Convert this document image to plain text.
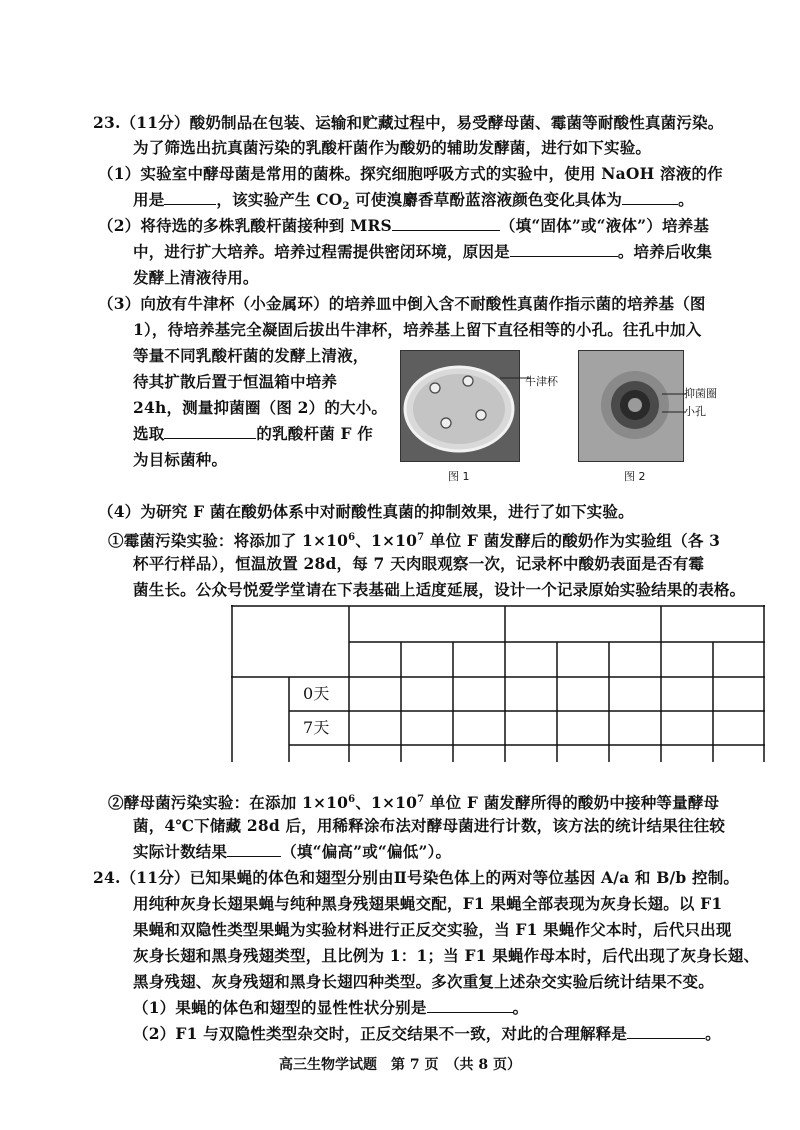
23.（11分）酸奶制品在包装、运输和贮藏过程中，易受酵母菌、霉菌等耐酸性真菌污染。
为了筛选出抗真菌污染的乳酸杆菌作为酸奶的辅助发酵菌，进行如下实验。
（1）实验室中酵母菌是常用的菌株。探究细胞呼吸方式的实验中，使用 NaOH 溶液的作
用是	，该实验产生 $CO_2$ 可使溴麝香草酚蓝溶液颜色变化具体为	。
（2）将待选的多株乳酸杆菌接种到 MRS	（填“固体”或“液体”）培养基
中，进行扩大培养。培养过程需提供密闭环境，原因是	。培养后收集
发酵上清液待用。
（3）向放有牛津杯（小金属环）的培养皿中倒入含不耐酸性真菌作指示菌的培养基（图
1），待培养基完全凝固后拔出牛津杯，培养基上留下直径相等的小孔。往孔中加入
等量不同乳酸杆菌的发酵上清液，
待其扩散后置于恒温箱中培养
24h，测量抑菌圈（图 2）的大小。
选取	的乳酸杆菌 F 作
为目标菌种。
牛津杯
图 1
抑菌圈
小孔
图 2
（4）为研究 F 菌在酸奶体系中对耐酸性真菌的抑制效果，进行了如下实验。
①霉菌污染实验：将添加了 $1\times 10^6$、$1\times 10^7$ 单位 F 菌发酵后的酸奶作为实验组（各 3
杯平行样品），恒温放置 28d，每 7 天肉眼观察一次，记录杯中酸奶表面是否有霉
菌生长。公众号悦爱学堂请在下表基础上适度延展，设计一个记录原始实验结果的表格。
0天
7天
②酵母菌污染实验：在添加 $1\times 10^6$、$1\times 10^7$ 单位 F 菌发酵所得的酸奶中接种等量酵母
菌，4℃下储藏 28d 后，用稀释涂布法对酵母菌进行计数，该方法的统计结果往往较
实际计数结果	（填“偏高”或“偏低”）。
24.（11分）已知果蝇的体色和翅型分别由Ⅱ号染色体上的两对等位基因 A/a 和 B/b 控制。
用纯种灰身长翅果蝇与纯种黑身残翅果蝇交配，F1 果蝇全部表现为灰身长翅。以 F1
果蝇和双隐性类型果蝇为实验材料进行正反交实验，当 F1 果蝇作父本时，后代只出现
灰身长翅和黑身残翅类型，且比例为 1：1；当 F1 果蝇作母本时，后代出现了灰身长翅、
黑身残翅、灰身残翅和黑身长翅四种类型。多次重复上述杂交实验后统计结果不变。
（1）果蝇的体色和翅型的显性性状分别是	。
（2）F1 与双隐性类型杂交时，正反交结果不一致，对此的合理解释是	。
高三生物学试题　第 7 页　（共 8 页）
